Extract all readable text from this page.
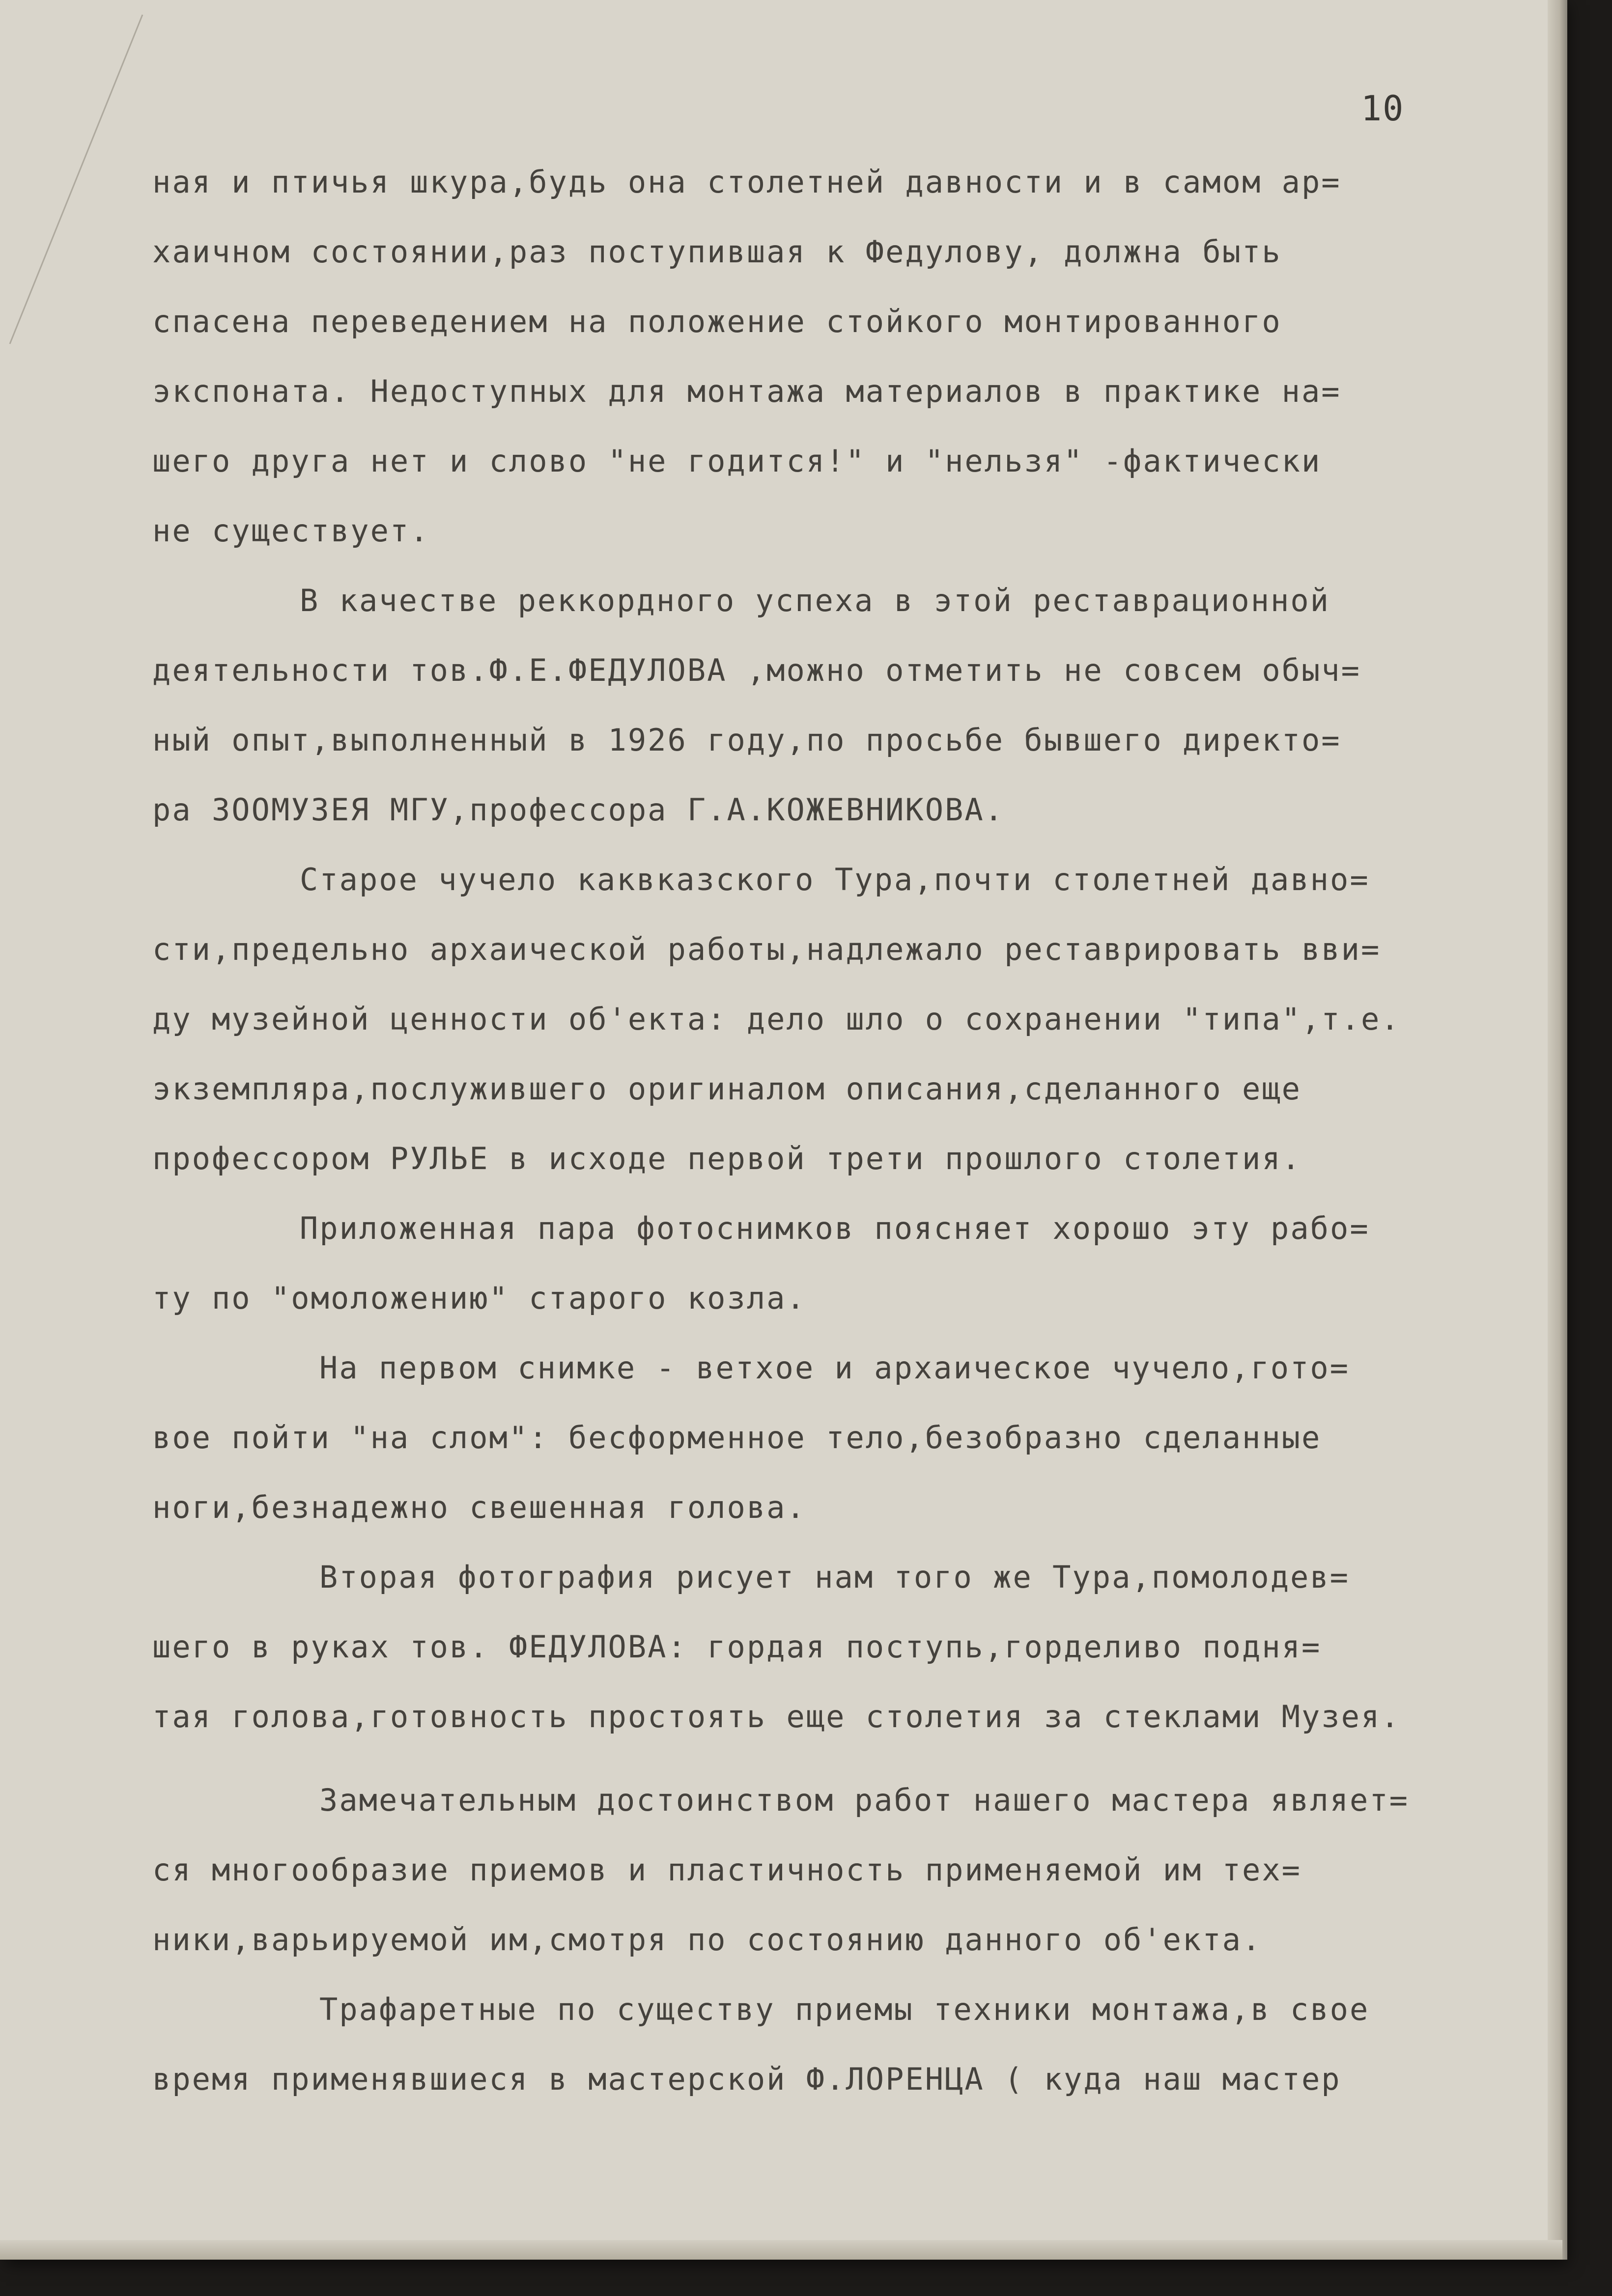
10
ная и птичья шкура,будь она столетней давности и в самом ар=
хаичном состоянии,раз поступившая к Федулову, должна быть
спасена переведением на положение стойкого монтированного
экспоната. Недоступных для монтажа материалов в практике на=
шего друга нет и слово "не годится!" и "нельзя" -фактически
не существует.
В качестве реккордного успеха в этой реставрационной
деятельности тов.Ф.Е.ФЕДУЛОВА ,можно отметить не совсем обыч=
ный опыт,выполненный в 1926 году,по просьбе бывшего директо=
ра ЗООМУЗЕЯ МГУ,профессора Г.А.КОЖЕВНИКОВА.
Старое чучело каквказского Тура,почти столетней давно=
сти,предельно архаической работы,надлежало реставрировать вви=
ду музейной ценности об'екта: дело шло о сохранении "типа",т.е.
экземпляра,послужившего оригиналом описания,сделанного еще
профессором РУЛЬЕ в исходе первой трети прошлого столетия.
Приложенная пара фотоснимков поясняет хорошо эту рабо=
ту по "омоложению" старого козла.
На первом снимке - ветхое и архаическое чучело,гото=
вое пойти "на слом": бесформенное тело,безобразно сделанные
ноги,безнадежно свешенная голова.
Вторая фотография рисует нам того же Тура,помолодев=
шего в руках тов. ФЕДУЛОВА: гордая поступь,горделиво подня=
тая голова,готовность простоять еще столетия за стеклами Музея.
Замечательным достоинством работ нашего мастера являет=
ся многообразие приемов и пластичность применяемой им тех=
ники,варьируемой им,смотря по состоянию данного об'екта.
Трафаретные по существу приемы техники монтажа,в свое
время применявшиеся в мастерской Ф.ЛОРЕНЦА ( куда наш мастер
